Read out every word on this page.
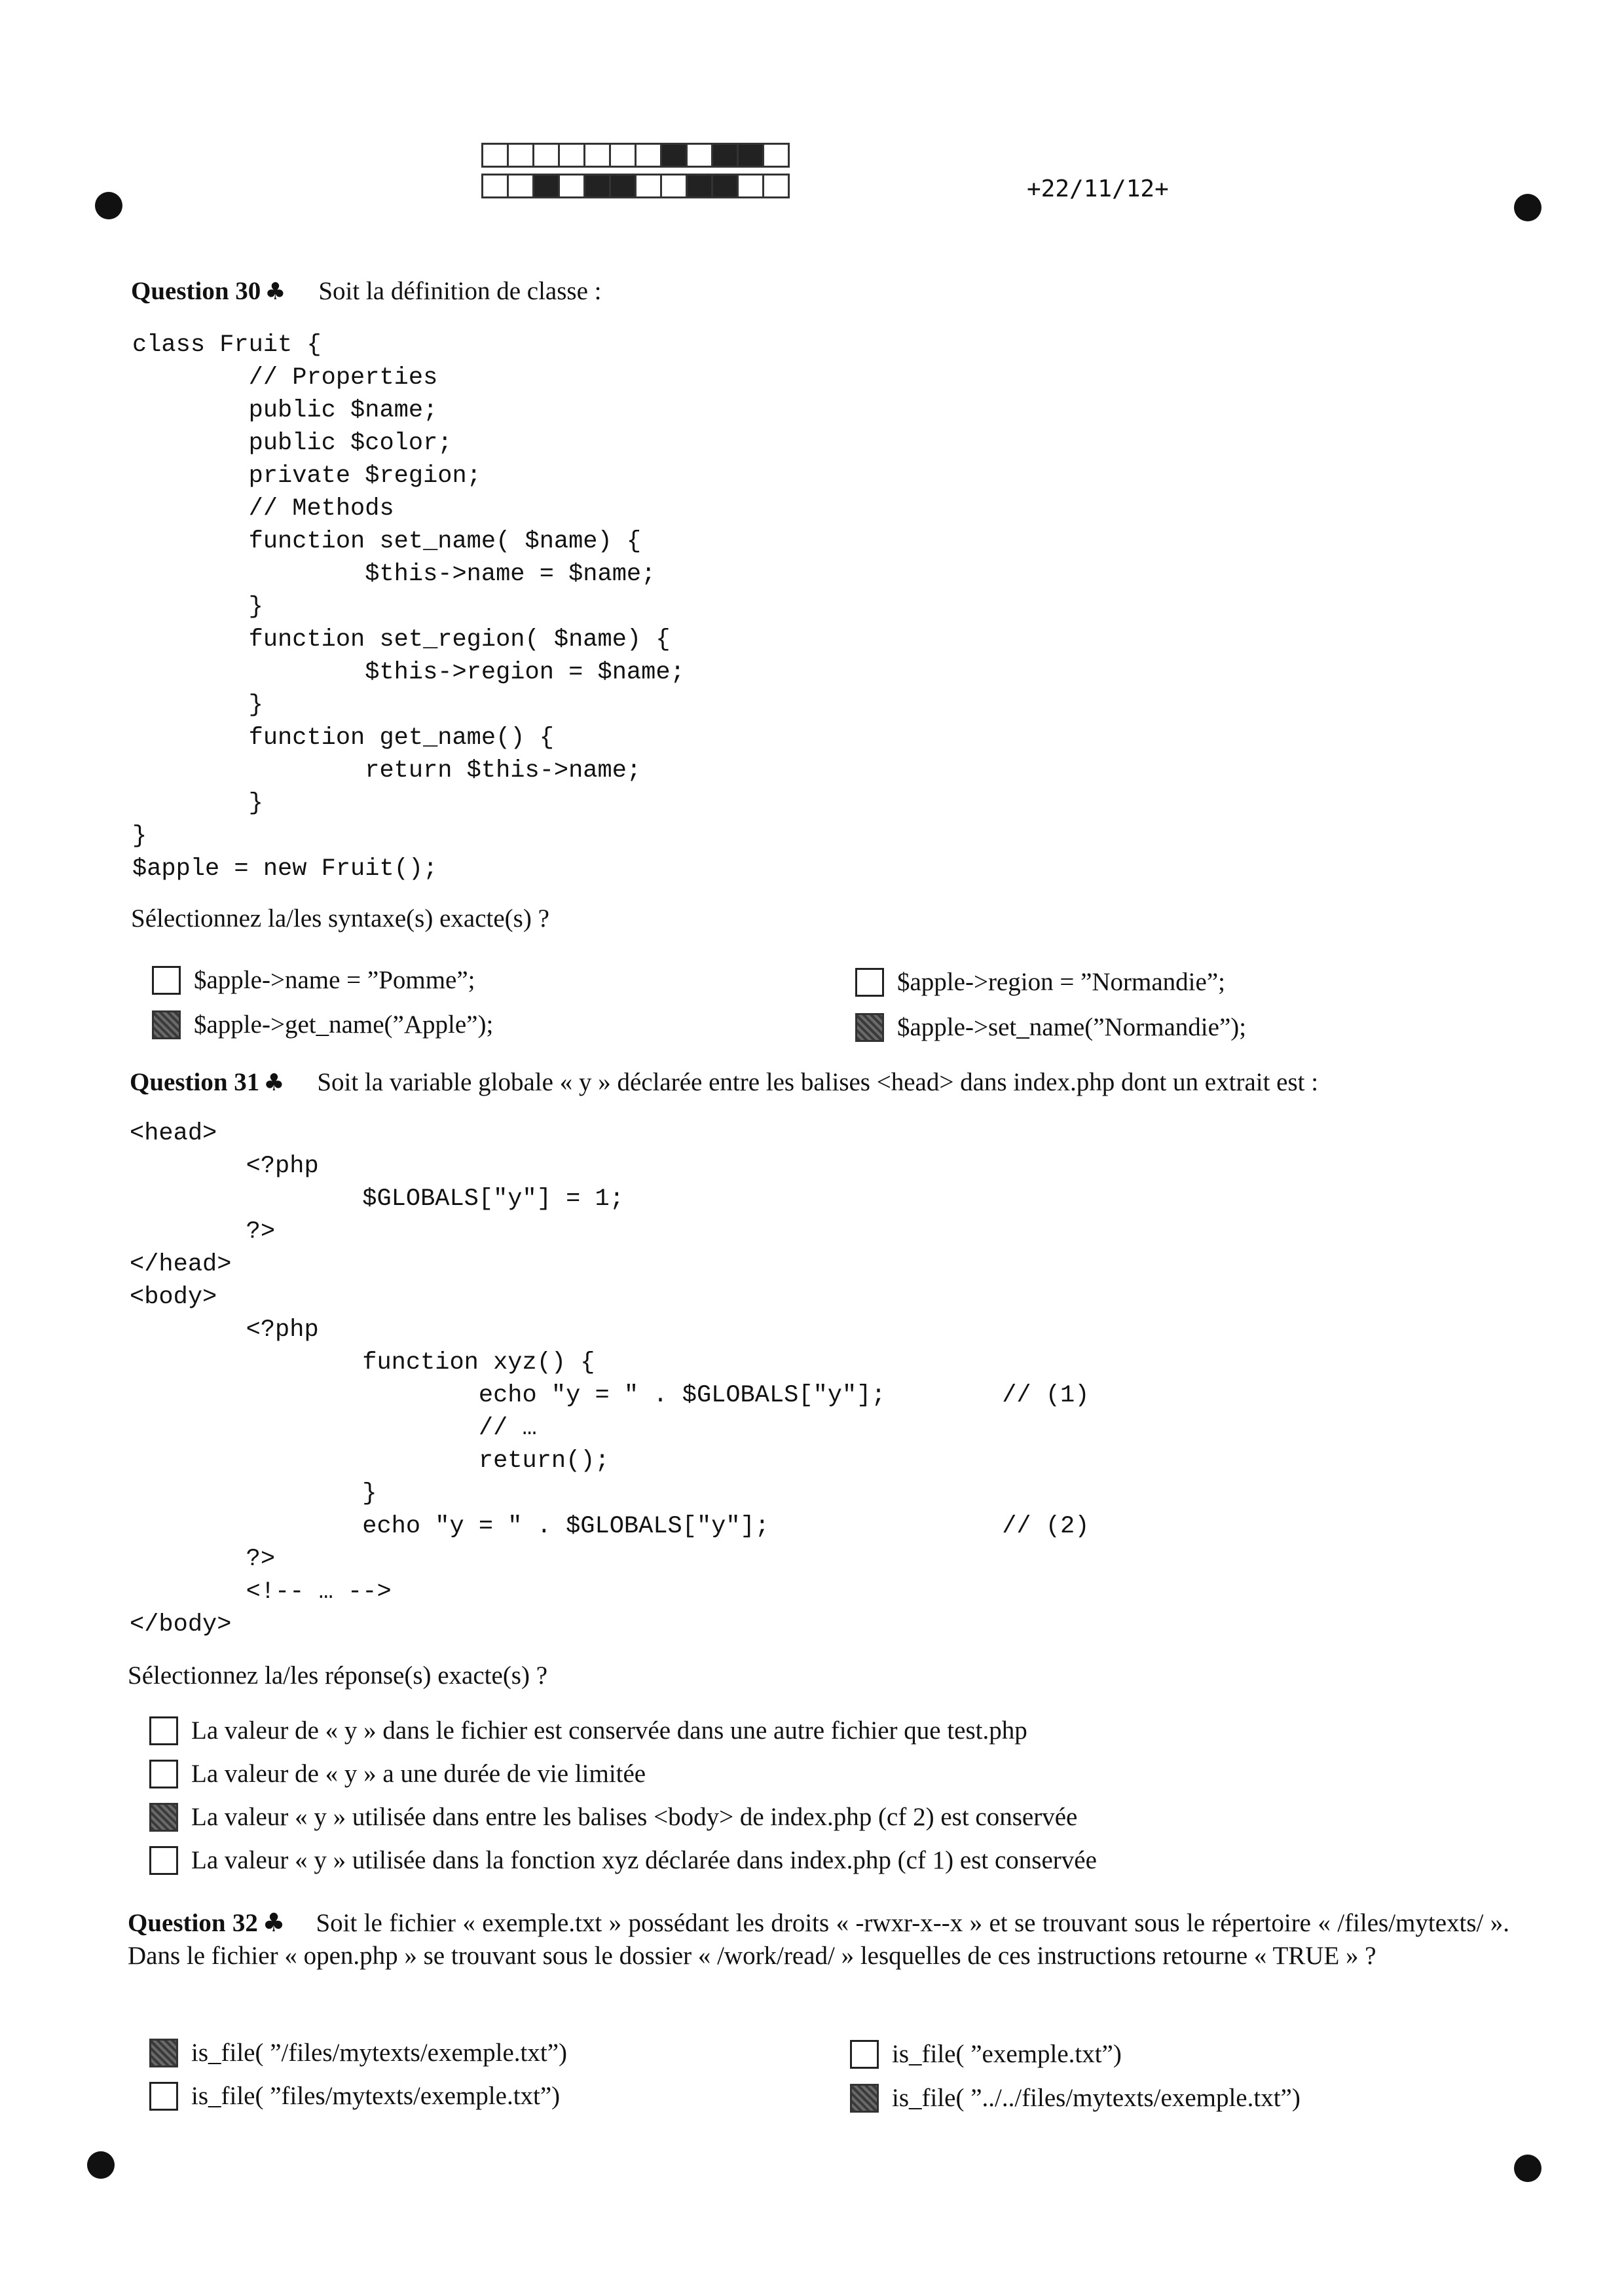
+22/11/12+
Question 30 ♣ Soit la définition de classe :
class Fruit {
// Properties
public $name;
public $color;
private $region;
// Methods
function set_name( $name) {
$this->name = $name;
}
function set_region( $name) {
$this->region = $name;
}
function get_name() {
return $this->name;
}
}
$apple = new Fruit();
Sélectionnez la/les syntaxe(s) exacte(s) ?
$apple->name = ”Pomme”;	$apple->region = ”Normandie”;
$apple->get_name(”Apple”);	$apple->set_name(”Normandie”);
Question 31 ♣ Soit la variable globale « y » déclarée entre les balises <head> dans index.php dont un extrait est :
<head>
<?php
$GLOBALS["y"] = 1;
?>
</head>
<body>
<?php
function xyz() {
echo "y = " . $GLOBALS["y"];        // (1)
// …
return();
}
echo "y = " . $GLOBALS["y"];                // (2)
?>
<!-- … -->
</body>
Sélectionnez la/les réponse(s) exacte(s) ?
La valeur de « y » dans le fichier est conservée dans une autre fichier que test.php
La valeur de « y » a une durée de vie limitée
La valeur « y » utilisée dans entre les balises <body> de index.php (cf 2) est conservée
La valeur « y » utilisée dans la fonction xyz déclarée dans index.php (cf 1) est conservée
Question 32 ♣ Soit le fichier « exemple.txt » possédant les droits « -rwxr-x--x » et se trouvant sous le répertoire « /files/mytexts/ ». Dans le fichier « open.php » se trouvant sous le dossier « /work/read/ » lesquelles de ces instructions retourne « TRUE » ?
is_file( ”/files/mytexts/exemple.txt”)	is_file( ”exemple.txt”)
is_file( ”files/mytexts/exemple.txt”)	is_file( ”../../files/mytexts/exemple.txt”)
